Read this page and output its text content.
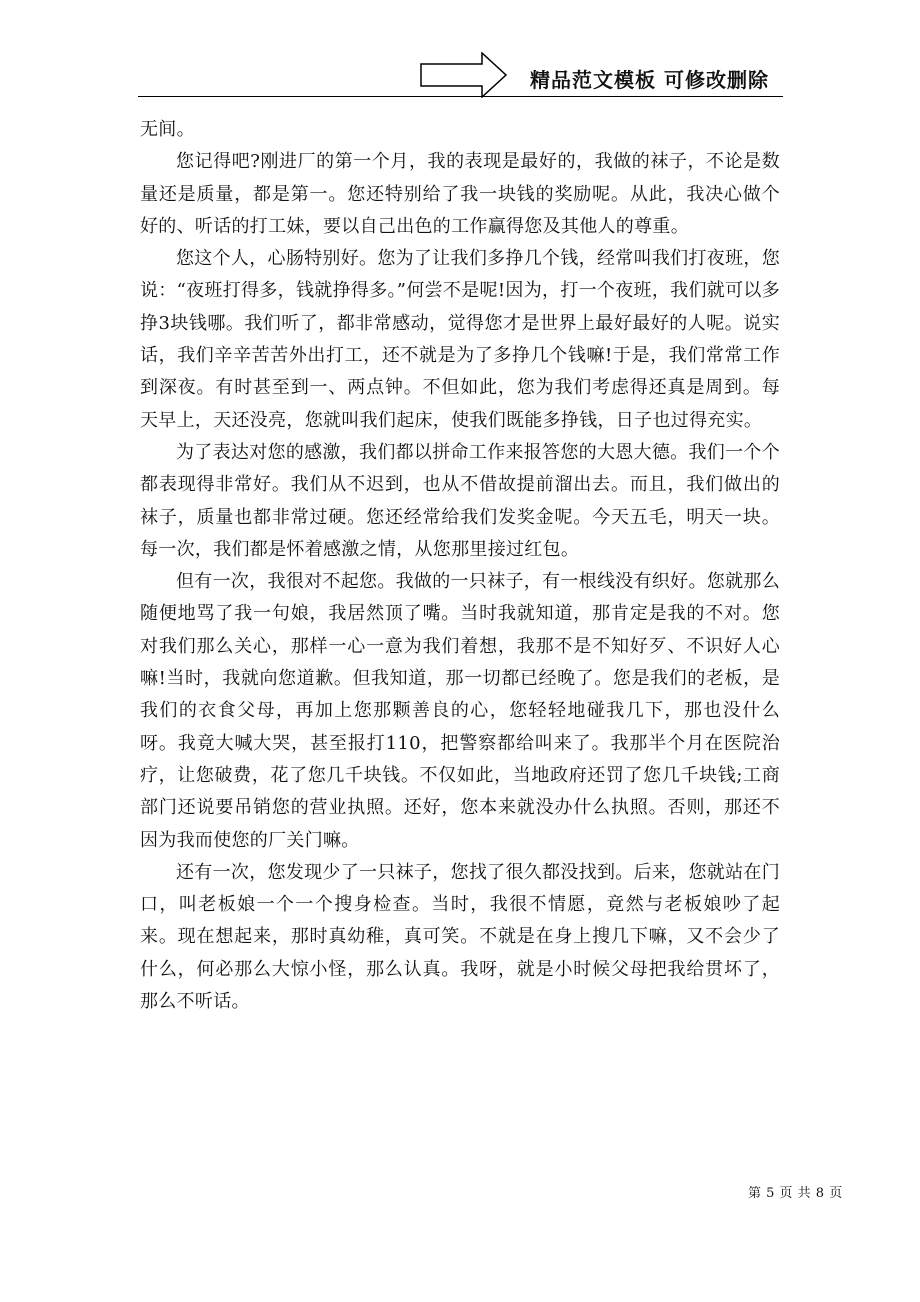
精品范文模板 可修改删除

无间。

您记得吧?刚进厂的第一个月，我的表现是最好的，我做的袜子，不论是数量还是质量，都是第一。您还特别给了我一块钱的奖励呢。从此，我决心做个好的、听话的打工妹，要以自己出色的工作赢得您及其他人的尊重。

您这个人，心肠特别好。您为了让我们多挣几个钱，经常叫我们打夜班，您说：“夜班打得多，钱就挣得多。”何尝不是呢!因为，打一个夜班，我们就可以多挣3块钱哪。我们听了，都非常感动，觉得您才是世界上最好最好的人呢。说实话，我们辛辛苦苦外出打工，还不就是为了多挣几个钱嘛!于是，我们常常工作到深夜。有时甚至到一、两点钟。不但如此，您为我们考虑得还真是周到。每天早上，天还没亮，您就叫我们起床，使我们既能多挣钱，日子也过得充实。

为了表达对您的感激，我们都以拼命工作来报答您的大恩大德。我们一个个都表现得非常好。我们从不迟到，也从不借故提前溜出去。而且，我们做出的袜子，质量也都非常过硬。您还经常给我们发奖金呢。今天五毛，明天一块。每一次，我们都是怀着感激之情，从您那里接过红包。

但有一次，我很对不起您。我做的一只袜子，有一根线没有织好。您就那么随便地骂了我一句娘，我居然顶了嘴。当时我就知道，那肯定是我的不对。您对我们那么关心，那样一心一意为我们着想，我那不是不知好歹、不识好人心嘛!当时，我就向您道歉。但我知道，那一切都已经晚了。您是我们的老板，是我们的衣食父母，再加上您那颗善良的心，您轻轻地碰我几下，那也没什么呀。我竟大喊大哭，甚至报打110，把警察都给叫来了。我那半个月在医院治疗，让您破费，花了您几千块钱。不仅如此，当地政府还罚了您几千块钱;工商部门还说要吊销您的营业执照。还好，您本来就没办什么执照。否则，那还不因为我而使您的厂关门嘛。

还有一次，您发现少了一只袜子，您找了很久都没找到。后来，您就站在门口，叫老板娘一个一个搜身检查。当时，我很不情愿，竟然与老板娘吵了起来。现在想起来，那时真幼稚，真可笑。不就是在身上搜几下嘛，又不会少了什么，何必那么大惊小怪，那么认真。我呀，就是小时候父母把我给贯坏了，那么不听话。

第 5 页 共 8 页
